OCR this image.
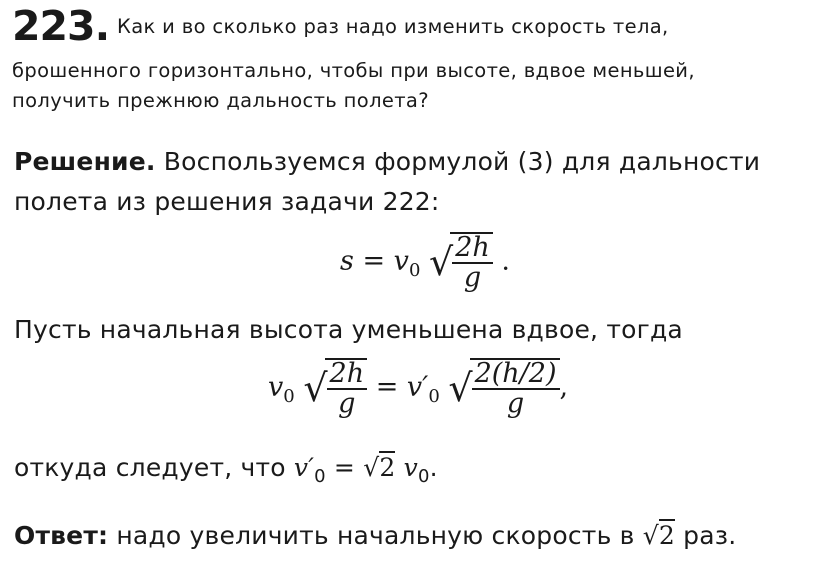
223. Как и во сколько раз надо изменить скорость тела,
брошенного горизонтально, чтобы при высоте, вдвое меньшей,
получить прежнюю дальность полета?
Решение. Воспользуемся формулой (3) для дальности
полета из решения задачи 222:
$s = v_0$ √ $\frac{2h}{g}$ .
Пусть начальная высота уменьшена вдвое, тогда
$v_0$ √ $\frac{2h}{g} = v'_0$ √ $\frac{2(h/2)}{g}$ ,
откуда следует, что $v'_0 = √2$ $v_0$.
Ответ: надо увеличить начальную скорость в √2 раз.
